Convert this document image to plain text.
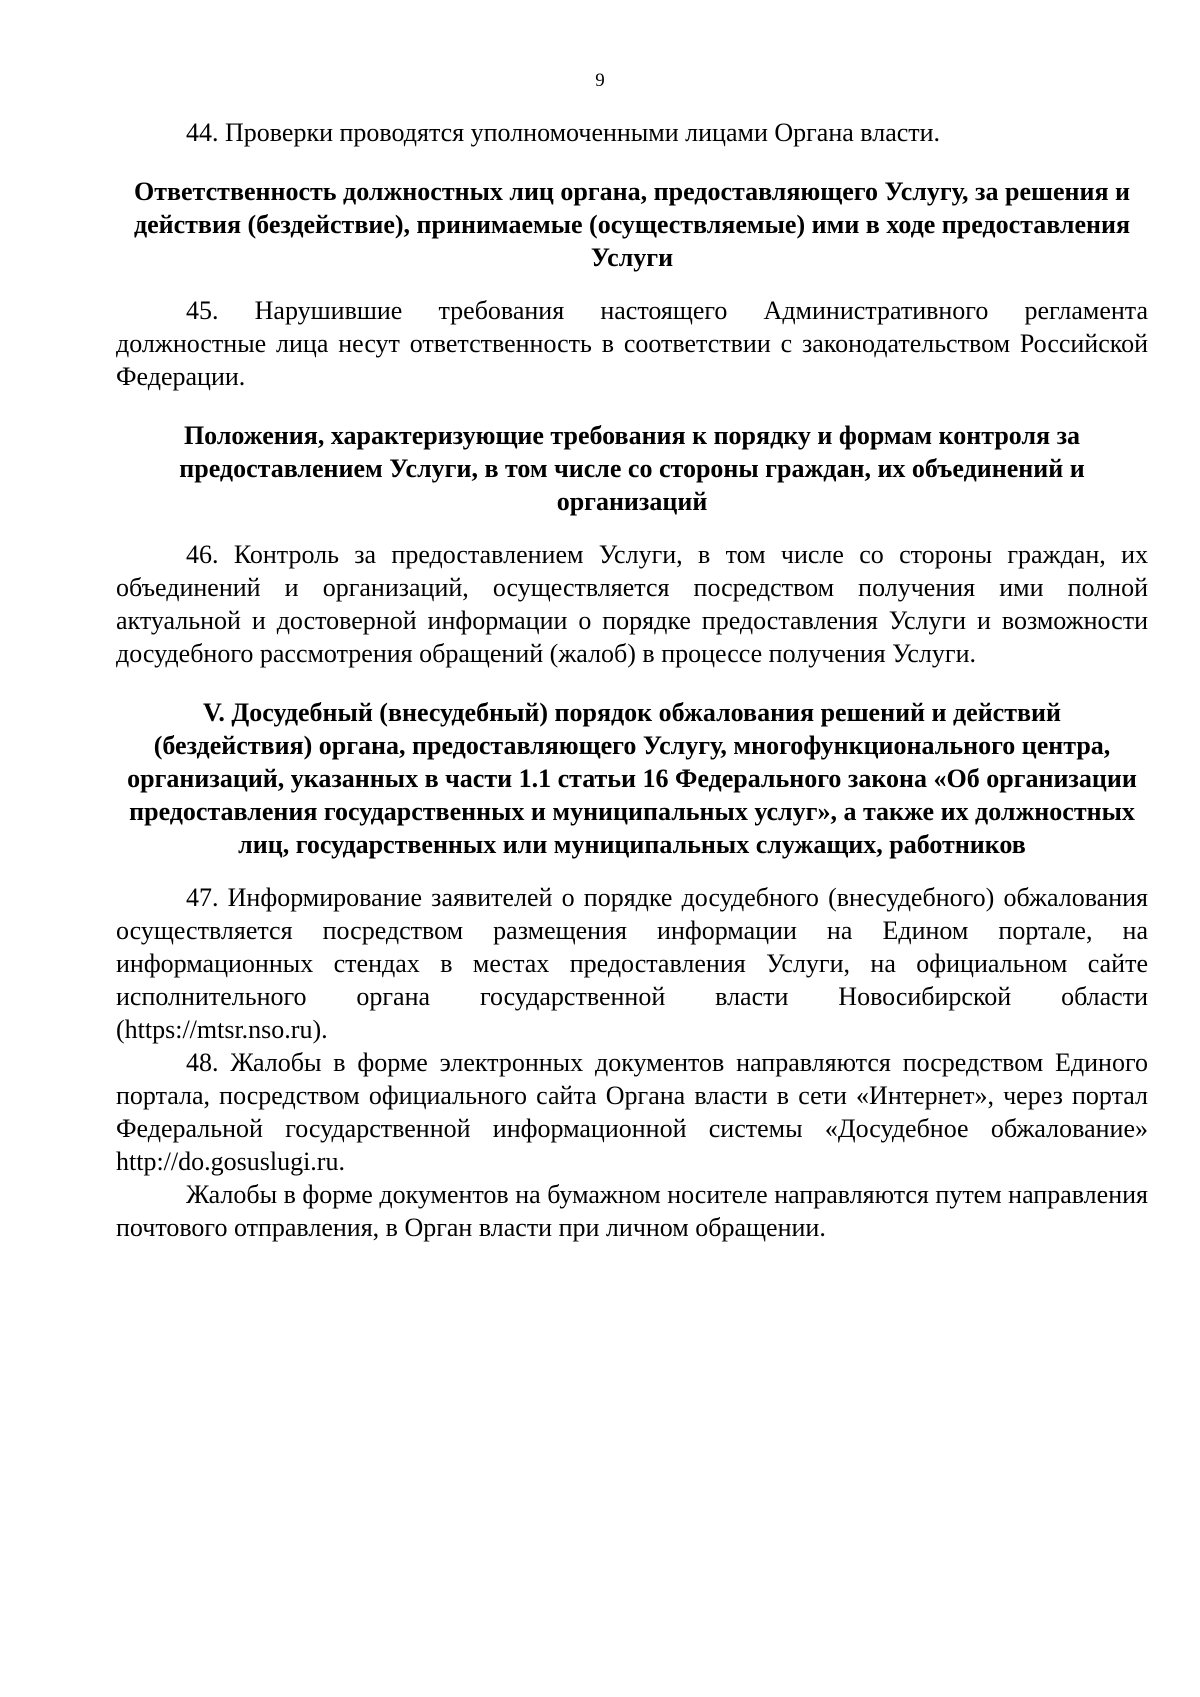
9

44. Проверки проводятся уполномоченными лицами Органа власти.

Ответственность должностных лиц органа, предоставляющего Услугу, за решения и действия (бездействие), принимаемые (осуществляемые) ими в ходе предоставления Услуги

45. Нарушившие требования настоящего Административного регламента должностные лица несут ответственность в соответствии с законодательством Российской Федерации.

Положения, характеризующие требования к порядку и формам контроля за предоставлением Услуги, в том числе со стороны граждан, их объединений и организаций

46. Контроль за предоставлением Услуги, в том числе со стороны граждан, их объединений и организаций, осуществляется посредством получения ими полной актуальной и достоверной информации о порядке предоставления Услуги и возможности досудебного рассмотрения обращений (жалоб) в процессе получения Услуги.

V. Досудебный (внесудебный) порядок обжалования решений и действий (бездействия) органа, предоставляющего Услугу, многофункционального центра, организаций, указанных в части 1.1 статьи 16 Федерального закона «Об организации предоставления государственных и муниципальных услуг», а также их должностных лиц, государственных или муниципальных служащих, работников

47. Информирование заявителей о порядке досудебного (внесудебного) обжалования осуществляется посредством размещения информации на Едином портале, на информационных стендах в местах предоставления Услуги, на официальном сайте исполнительного органа государственной власти Новосибирской области (https://mtsr.nso.ru).

48. Жалобы в форме электронных документов направляются посредством Единого портала, посредством официального сайта Органа власти в сети «Интернет», через портал Федеральной государственной информационной системы «Досудебное обжалование» http://do.gosuslugi.ru.

Жалобы в форме документов на бумажном носителе направляются путем направления почтового отправления, в Орган власти при личном обращении.
